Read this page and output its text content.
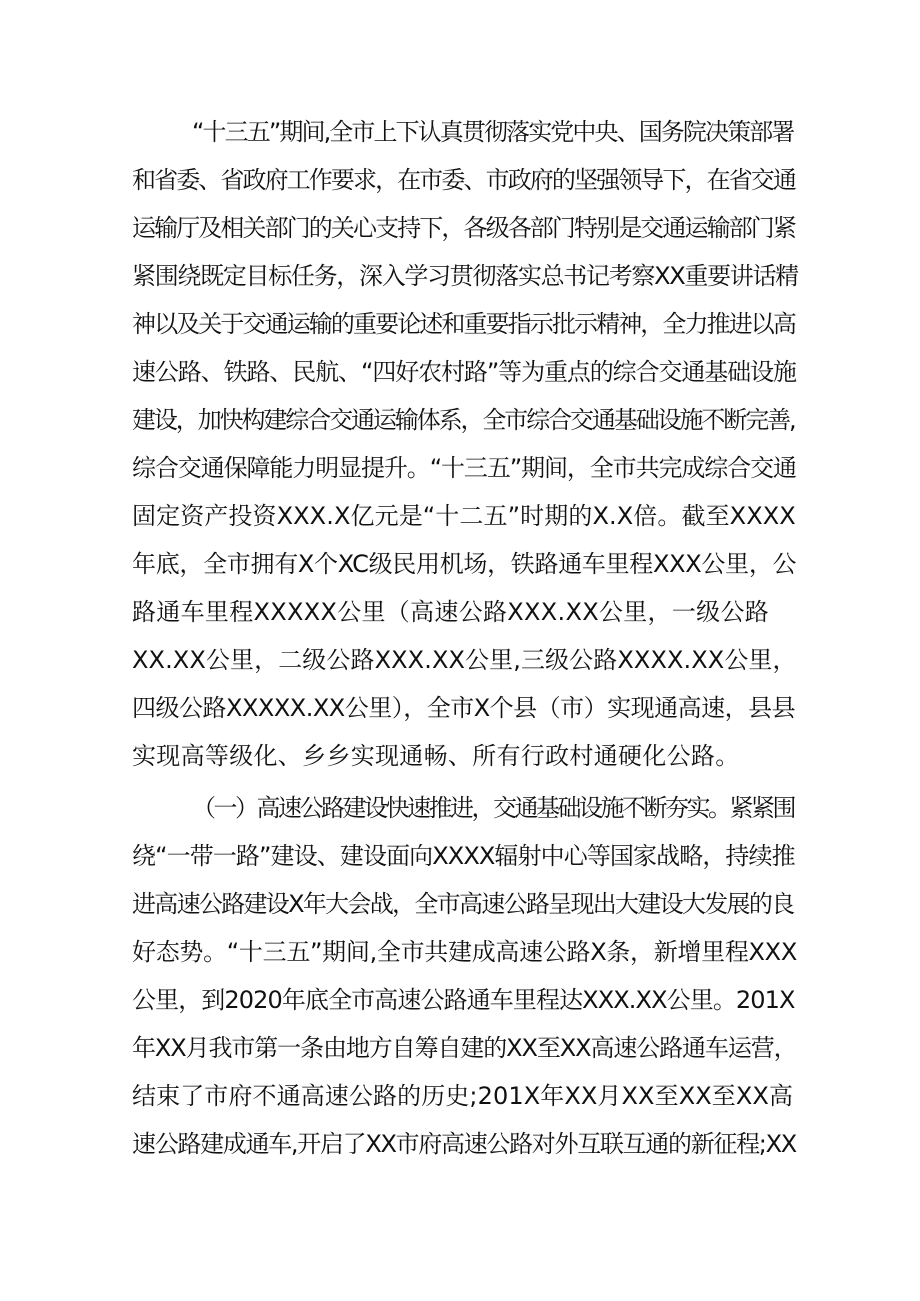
“十三五”期间,全市上下认真贯彻落实党中央、国务院决策部署
和省委、省政府工作要求，在市委、市政府的坚强领导下，在省交通
运输厅及相关部门的关心支持下，各级各部门特别是交通运输部门紧
紧围绕既定目标任务，深入学习贯彻落实总书记考察XX重要讲话精
神以及关于交通运输的重要论述和重要指示批示精神，全力推进以高
速公路、铁路、民航、“四好农村路”等为重点的综合交通基础设施
建设，加快构建综合交通运输体系，全市综合交通基础设施不断完善,
综合交通保障能力明显提升。“十三五”期间，全市共完成综合交通
固定资产投资XXX.X亿元是“十二五”时期的X.X倍。截至XXXX
年底，全市拥有X个XC级民用机场，铁路通车里程XXX公里，公
路通车里程XXXXX公里（高速公路XXX.XX公里，一级公路
XX.XX公里，二级公路XXX.XX公里,三级公路XXXX.XX公里，
四级公路XXXXX.XX公里），全市X个县（市）实现通高速，县县
实现高等级化、乡乡实现通畅、所有行政村通硬化公路。
（一）高速公路建设快速推进，交通基础设施不断夯实。紧紧围
绕“一带一路”建设、建设面向XXXX辐射中心等国家战略，持续推
进高速公路建设X年大会战，全市高速公路呈现出大建设大发展的良
好态势。“十三五”期间,全市共建成高速公路X条，新增里程XXX
公里，到2020年底全市高速公路通车里程达XXX.XX公里。201X
年XX月我市第一条由地方自筹自建的XX至XX高速公路通车运营，
结束了市府不通高速公路的历史;201X年XX月XX至XX至XX高
速公路建成通车,开启了XX市府高速公路对外互联互通的新征程;XX
